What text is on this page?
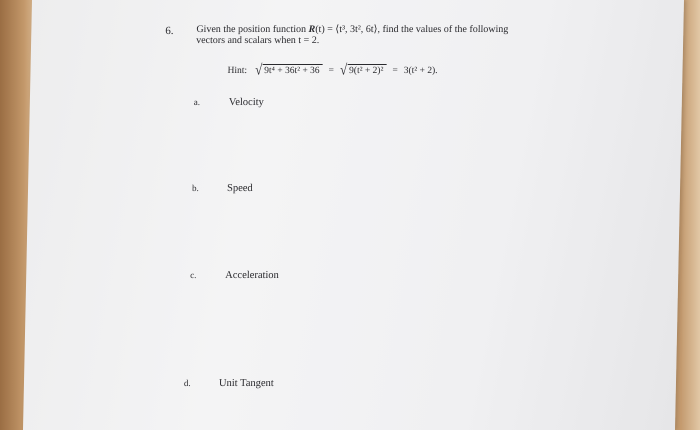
6. Given the position function R(t) = ⟨t³, 3t², 6t⟩, find the values of the following
vectors and scalars when t = 2.
Hint: √ 9t⁴ + 36t² + 36 = √ 9(t² + 2)² = 3(t² + 2).
a.	Velocity
b.	Speed
c.	Acceleration
d.	Unit Tangent
